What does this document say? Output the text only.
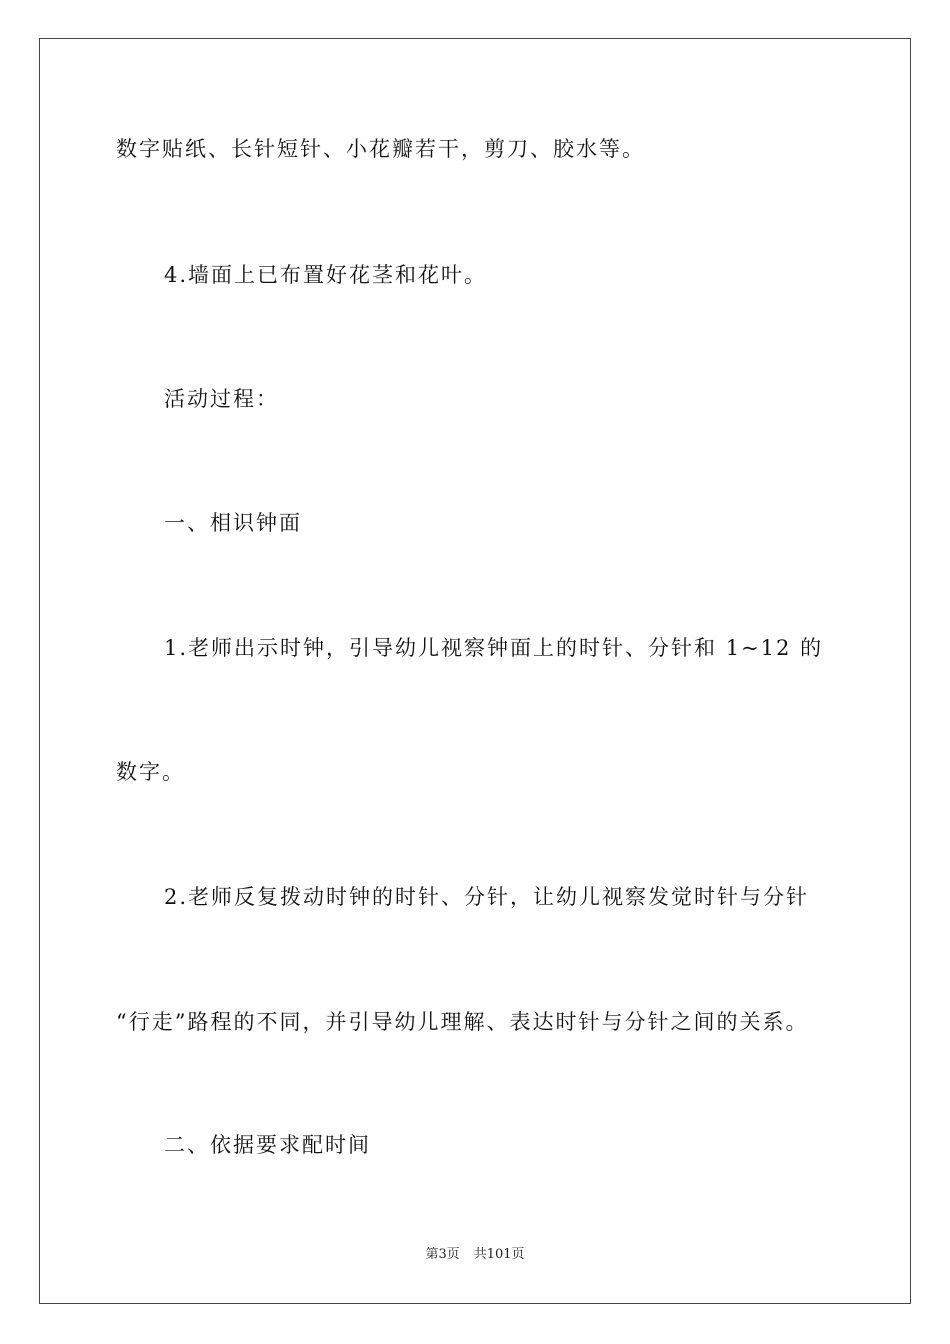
数字贴纸、长针短针、小花瓣若干，剪刀、胶水等。
4.墙面上已布置好花茎和花叶。
活动过程：
一、相识钟面
1.老师出示时钟，引导幼儿视察钟面上的时针、分针和 1~12 的
数字。
2.老师反复拨动时钟的时针、分针，让幼儿视察发觉时针与分针
“行走”路程的不同，并引导幼儿理解、表达时针与分针之间的关系。
二、依据要求配时间
第3页 共101页
